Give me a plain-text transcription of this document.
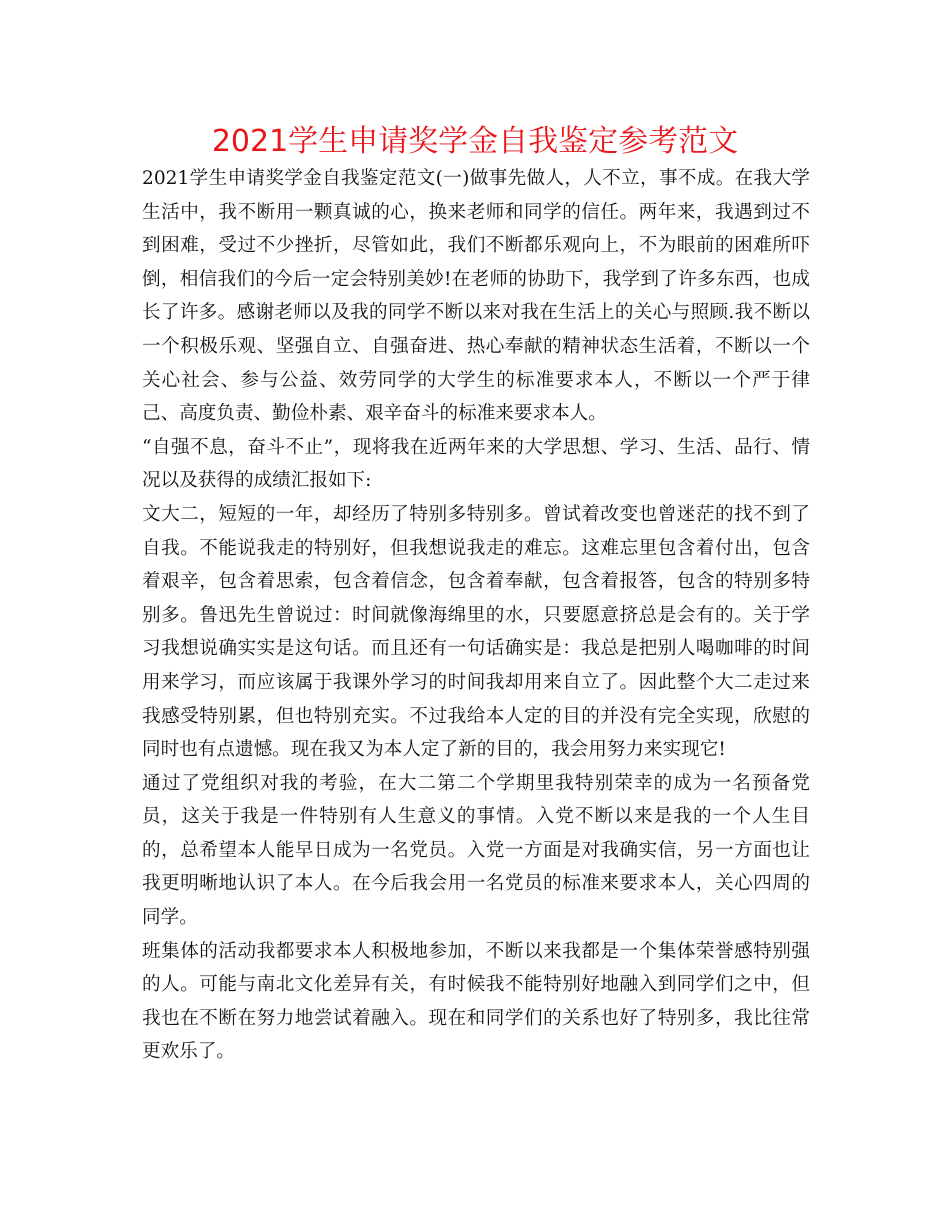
2021学生申请奖学金自我鉴定参考范文

2021学生申请奖学金自我鉴定范文(一)做事先做人，人不立，事不成。在我大学生活中，我不断用一颗真诚的心，换来老师和同学的信任。两年来，我遇到过不到困难，受过不少挫折，尽管如此，我们不断都乐观向上，不为眼前的困难所吓倒，相信我们的今后一定会特别美妙!在老师的协助下，我学到了许多东西，也成长了许多。感谢老师以及我的同学不断以来对我在生活上的关心与照顾.我不断以一个积极乐观、坚强自立、自强奋进、热心奉献的精神状态生活着，不断以一个关心社会、参与公益、效劳同学的大学生的标准要求本人，不断以一个严于律己、高度负责、勤俭朴素、艰辛奋斗的标准来要求本人。

“自强不息，奋斗不止”，现将我在近两年来的大学思想、学习、生活、品行、情况以及获得的成绩汇报如下:

文大二，短短的一年，却经历了特别多特别多。曾试着改变也曾迷茫的找不到了自我。不能说我走的特别好，但我想说我走的难忘。这难忘里包含着付出，包含着艰辛，包含着思索，包含着信念，包含着奉献，包含着报答，包含的特别多特别多。鲁迅先生曾说过：时间就像海绵里的水，只要愿意挤总是会有的。关于学习我想说确实实是这句话。而且还有一句话确实是：我总是把别人喝咖啡的时间用来学习，而应该属于我课外学习的时间我却用来自立了。因此整个大二走过来我感受特别累，但也特别充实。不过我给本人定的目的并没有完全实现，欣慰的同时也有点遗憾。现在我又为本人定了新的目的，我会用努力来实现它!

通过了党组织对我的考验，在大二第二个学期里我特别荣幸的成为一名预备党员，这关于我是一件特别有人生意义的事情。入党不断以来是我的一个人生目的，总希望本人能早日成为一名党员。入党一方面是对我确实信，另一方面也让我更明晰地认识了本人。在今后我会用一名党员的标准来要求本人，关心四周的同学。

班集体的活动我都要求本人积极地参加，不断以来我都是一个集体荣誉感特别强的人。可能与南北文化差异有关，有时候我不能特别好地融入到同学们之中，但我也在不断在努力地尝试着融入。现在和同学们的关系也好了特别多，我比往常更欢乐了。
